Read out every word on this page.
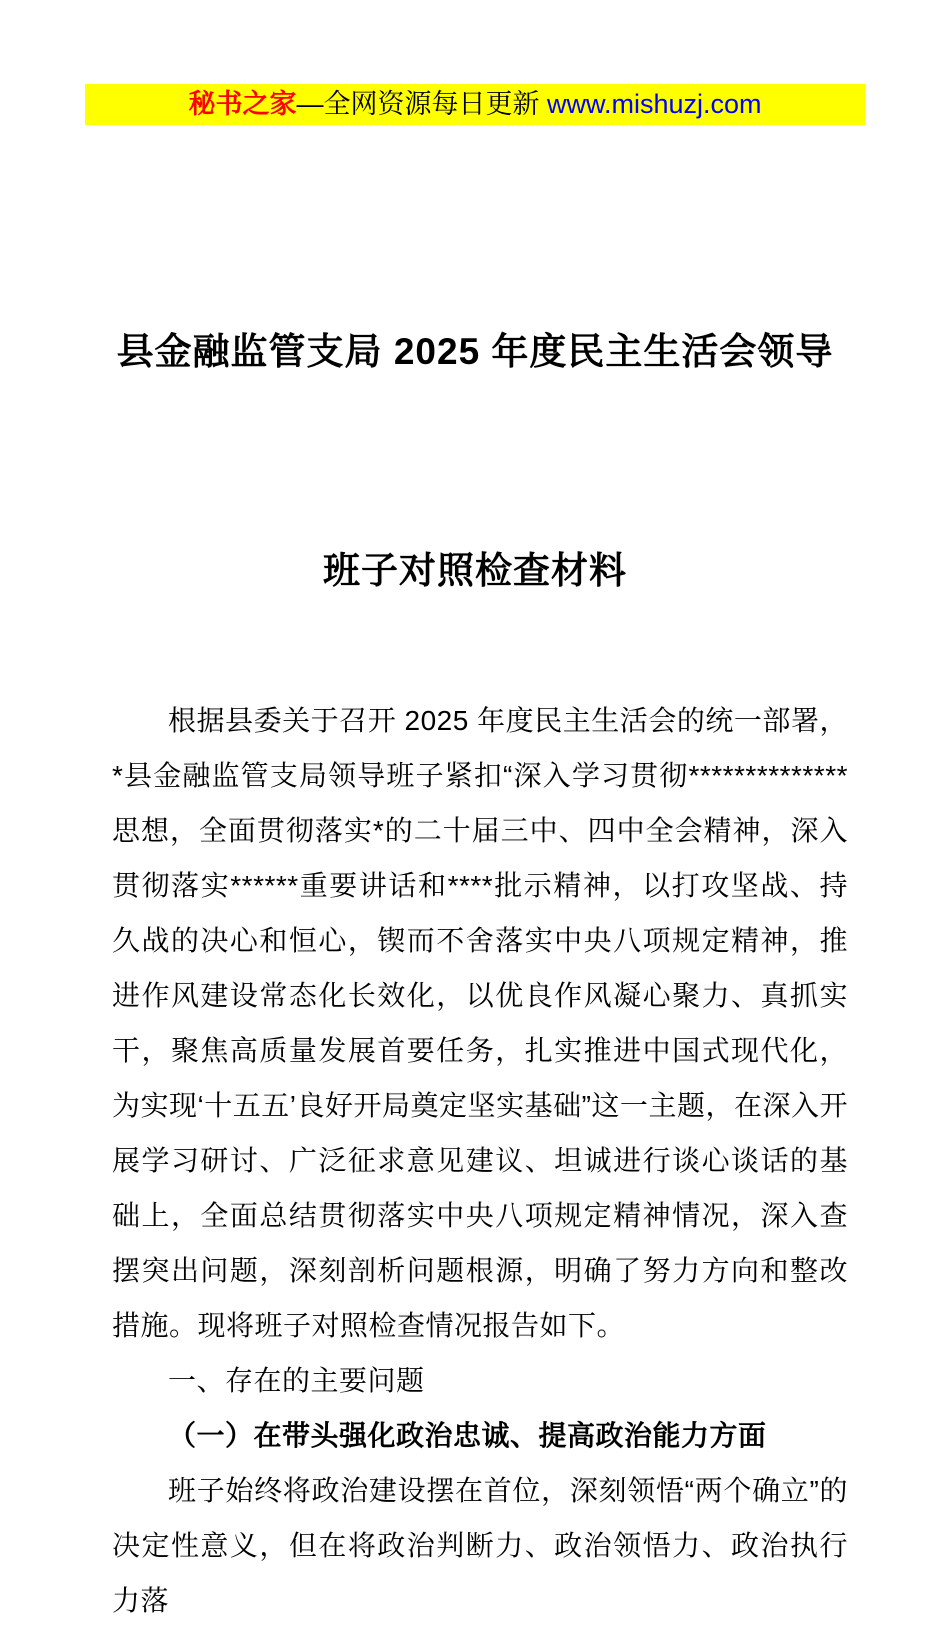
秘书之家 —全网资源每日更新 www.mishuzj.com

县金融监管支局 2025 年度民主生活会领导

班子对照检查材料

根据县委关于召开 2025 年度民主生活会的统一部署，*县金融监管支局领导班子紧扣“深入学习贯彻**************思想，全面贯彻落实*的二十届三中、四中全会精神，深入贯彻落实******重要讲话和****批示精神，以打攻坚战、持久战的决心和恒心，锲而不舍落实中央八项规定精神，推进作风建设常态化长效化，以优良作风凝心聚力、真抓实干，聚焦高质量发展首要任务，扎实推进中国式现代化，为实现‘十五五’良好开局奠定坚实基础”这一主题，在深入开展学习研讨、广泛征求意见建议、坦诚进行谈心谈话的基础上，全面总结贯彻落实中央八项规定精神情况，深入查摆突出问题，深刻剖析问题根源，明确了努力方向和整改措施。现将班子对照检查情况报告如下。

一、存在的主要问题

（一）在带头强化政治忠诚、提高政治能力方面

班子始终将政治建设摆在首位，深刻领悟“两个确立”的决定性意义，但在将政治判断力、政治领悟力、政治执行力落
